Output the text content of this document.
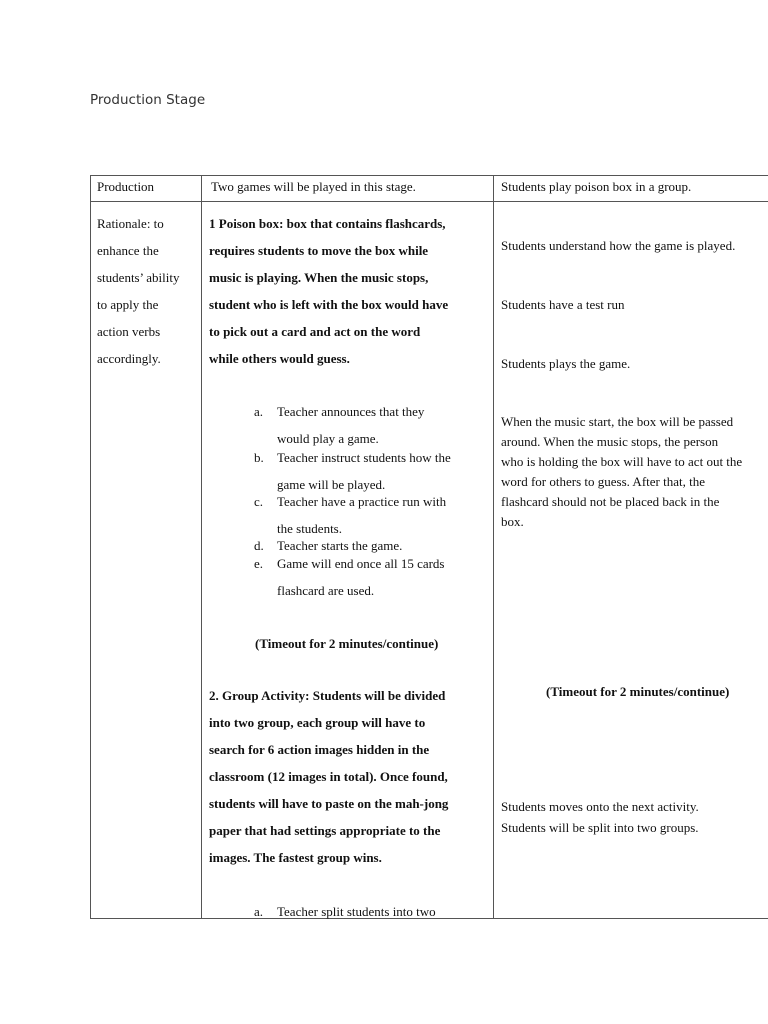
Production Stage
Production
Rationale: to
enhance the
students’ ability
to apply the
action verbs
accordingly.
Two games will be played in this stage.
1 Poison box: box that contains flashcards,
requires students to move the box while
music is playing. When the music stops,
student who is left with the box would have
to pick out a card and act on the word
while others would guess.
a. Teacher announces that they
would play a game.
b. Teacher instruct students how the
game will be played.
c. Teacher have a practice run with
the students.
d. Teacher starts the game.
e. Game will end once all 15 cards
flashcard are used.
(Timeout for 2 minutes/continue)
2. Group Activity: Students will be divided
into two group, each group will have to
search for 6 action images hidden in the
classroom (12 images in total). Once found,
students will have to paste on the mah-jong
paper that had settings appropriate to the
images. The fastest group wins.
a. Teacher split students into two
Students play poison box in a group.
Students understand how the game is played.
Students have a test run
Students plays the game.
When the music start, the box will be passed
around. When the music stops, the person
who is holding the box will have to act out the
word for others to guess. After that, the
flashcard should not be placed back in the
box.
(Timeout for 2 minutes/continue)
Students moves onto the next activity.
Students will be split into two groups.
